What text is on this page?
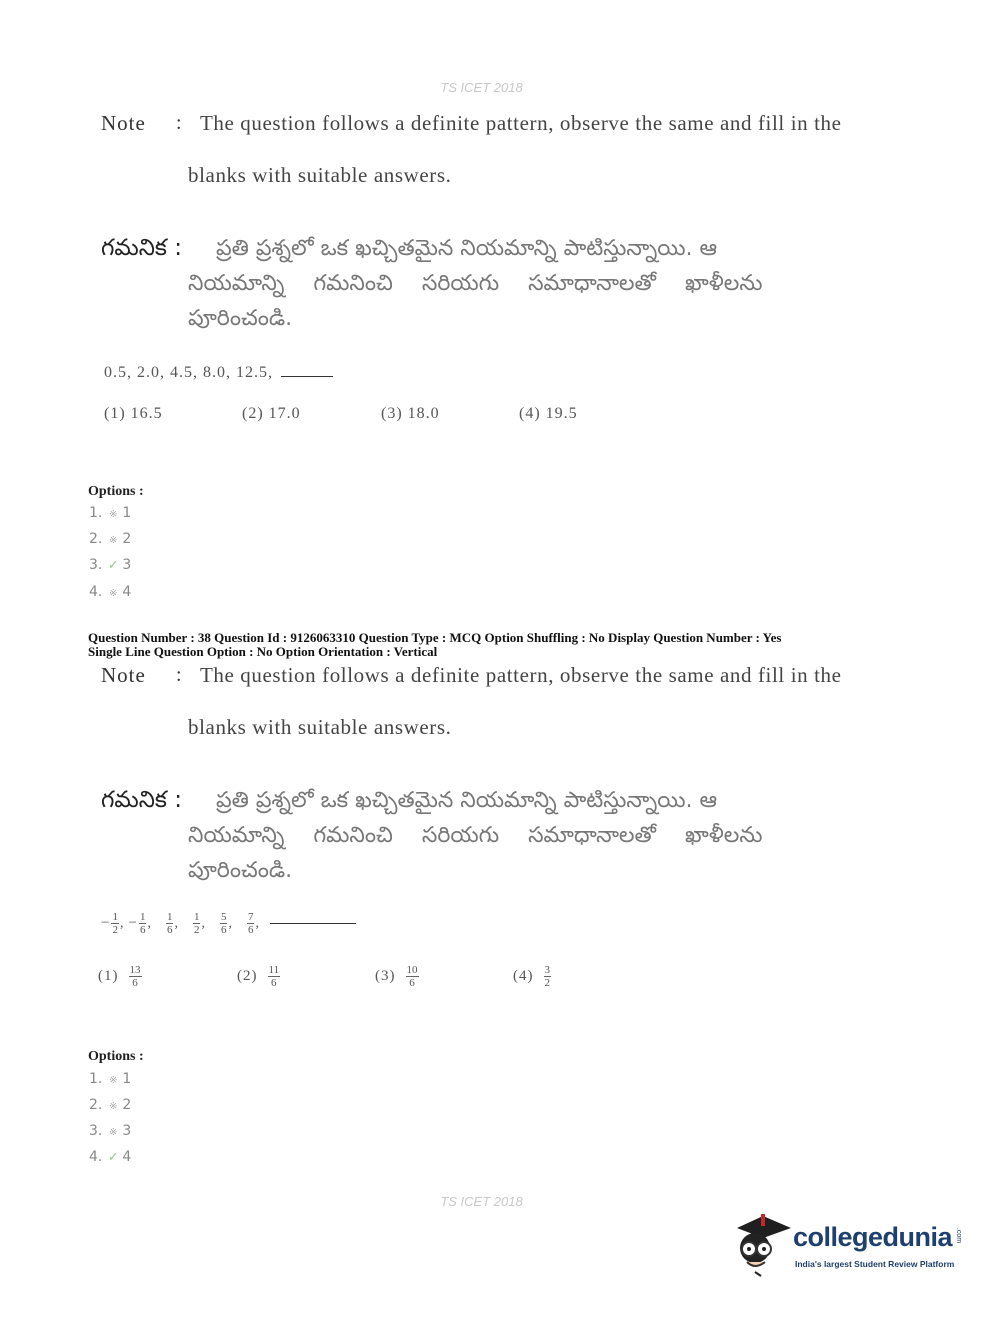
TS ICET 2018
Note : The question follows a definite pattern, observe the same and fill in the
blanks with suitable answers.
గమనిక : ప్రతి ప్రశ్నలో ఒక ఖచ్చితమైన నియమాన్ని పాటిస్తున్నాయి. ఆ
నియమాన్ని గమనించి సరియగు సమాధానాలతో ఖాళీలను
పూరించండి.
0.5, 2.0, 4.5, 8.0, 12.5,
(1) 16.5	(2) 17.0	(3) 18.0	(4) 19.5
Options :
1. ※ 1
2. ※ 2
3. ✓ 3
4. ※ 4
Question Number : 38 Question Id : 9126063310 Question Type : MCQ Option Shuffling : No Display Question Number : Yes
Single Line Question Option : No Option Orientation : Vertical
Note : The question follows a definite pattern, observe the same and fill in the
blanks with suitable answers.
గమనిక : ప్రతి ప్రశ్నలో ఒక ఖచ్చితమైన నియమాన్ని పాటిస్తున్నాయి. ఆ
నియమాన్ని గమనించి సరియగు సమాధానాలతో ఖాళీలను
పూరించండి.
− $\frac{1}{2}$ , − $\frac{1}{6}$ , $\frac{1}{6}$ , $\frac{1}{2}$ , $\frac{5}{6}$ , $\frac{7}{6}$ ,
$(1) \frac{13}{6}$	$(2) \frac{11}{6}$	$(3) \frac{10}{6}$	$(4) \frac{3}{2}$
Options :
1. ※ 1
2. ※ 2
3. ※ 3
4. ✓ 4
TS ICET 2018
collegedunia .com
India's largest Student Review Platform
